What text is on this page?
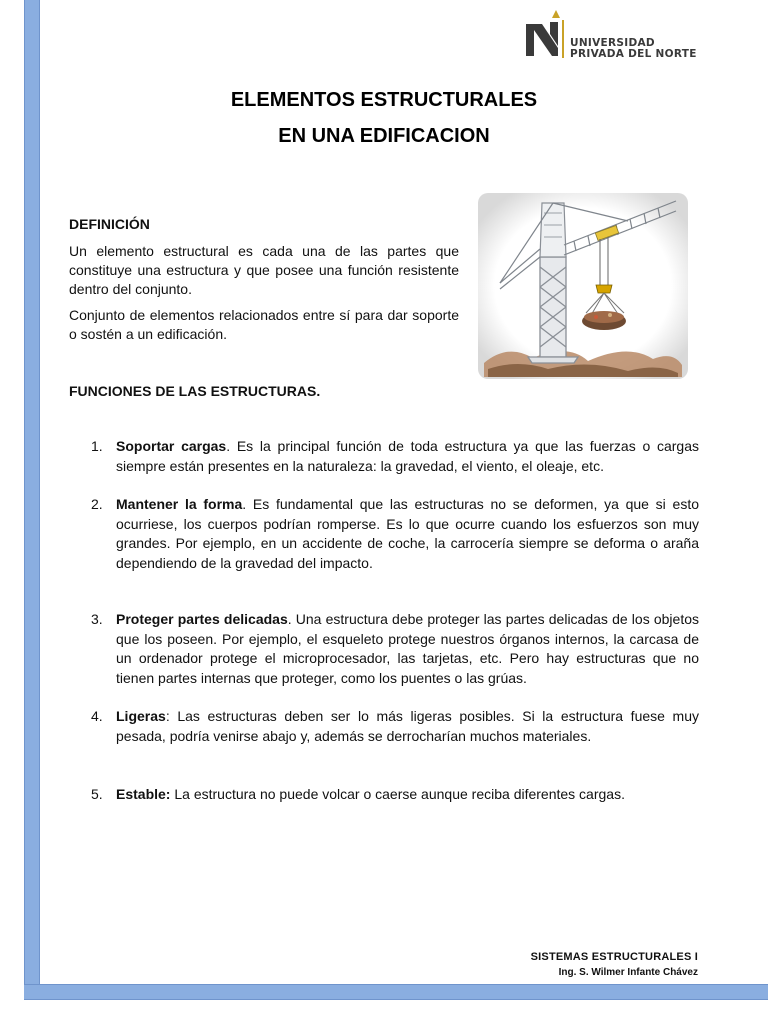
UNIVERSIDAD
PRIVADA DEL NORTE
ELEMENTOS ESTRUCTURALES
EN UNA EDIFICACION
DEFINICIÓN
Un elemento estructural es cada una de las partes que constituye una estructura y que posee una función resistente dentro del conjunto.
Conjunto de elementos relacionados entre sí para dar soporte o sostén a un edificación.
FUNCIONES DE LAS ESTRUCTURAS.
1. Soportar cargas. Es la principal función de toda estructura ya que las fuerzas o cargas siempre están presentes en la naturaleza: la gravedad, el viento, el oleaje, etc.
2. Mantener la forma. Es fundamental que las estructuras no se deformen, ya que si esto ocurriese, los cuerpos podrían romperse. Es lo que ocurre cuando los esfuerzos son muy grandes. Por ejemplo, en un accidente de coche, la carrocería siempre se deforma o araña dependiendo de la gravedad del impacto.
3. Proteger partes delicadas. Una estructura debe proteger las partes delicadas de los objetos que los poseen. Por ejemplo, el esqueleto protege nuestros órganos internos, la carcasa de un ordenador protege el microprocesador, las tarjetas, etc. Pero hay estructuras que no tienen partes internas que proteger, como los puentes o las grúas.
4. Ligeras: Las estructuras deben ser lo más ligeras posibles. Si la estructura fuese muy pesada, podría venirse abajo y, además se derrocharían muchos materiales.
5. Estable: La estructura no puede volcar o caerse aunque reciba diferentes cargas.
SISTEMAS ESTRUCTURALES I
Ing. S. Wilmer Infante Chávez
